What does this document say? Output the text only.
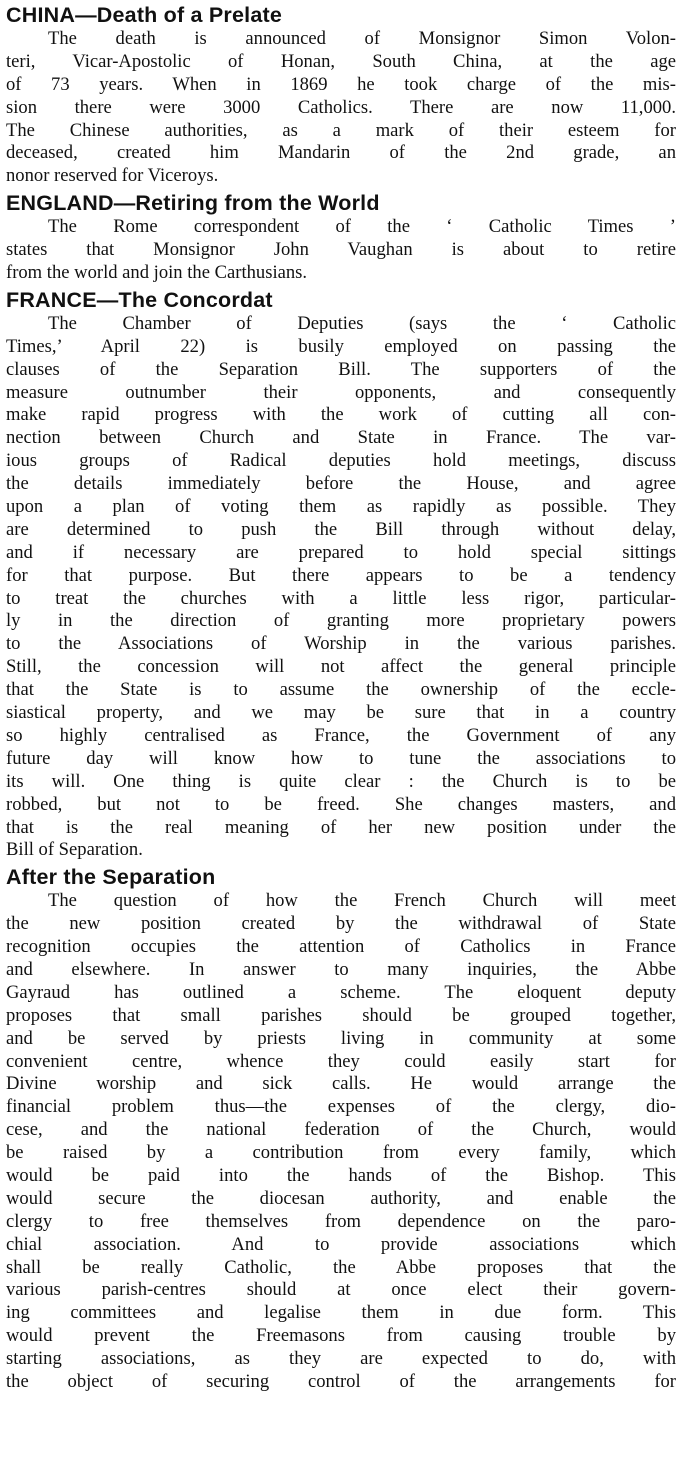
CHINA—Death of a Prelate

The death is announced of Monsignor Simon Volon-
teri, Vicar-Apostolic of Honan, South China, at the age
of 73 years. When in 1869 he took charge of the mis-
sion there were 3000 Catholics. There are now 11,000.
The Chinese authorities, as a mark of their esteem for
deceased, created him Mandarin of the 2nd grade, an
nonor reserved for Viceroys.

ENGLAND—Retiring from the World

The Rome correspondent of the ‘ Catholic Times ’
states that Monsignor John Vaughan is about to retire
from the world and join the Carthusians.

FRANCE—The Concordat

The Chamber of Deputies (says the ‘ Catholic
Times,’ April 22) is busily employed on passing the
clauses of the Separation Bill. The supporters of the
measure outnumber their opponents, and consequently
make rapid progress with the work of cutting all con-
nection between Church and State in France. The var-
ious groups of Radical deputies hold meetings, discuss
the details immediately before the House, and agree
upon a plan of voting them as rapidly as possible. They
are determined to push the Bill through without delay,
and if necessary are prepared to hold special sittings
for that purpose. But there appears to be a tendency
to treat the churches with a little less rigor, particular-
ly in the direction of granting more proprietary powers
to the Associations of Worship in the various parishes.
Still, the concession will not affect the general principle
that the State is to assume the ownership of the eccle-
siastical property, and we may be sure that in a country
so highly centralised as France, the Government of any
future day will know how to tune the associations to
its will. One thing is quite clear : the Church is to be
robbed, but not to be freed. She changes masters, and
that is the real meaning of her new position under the
Bill of Separation.

After the Separation

The question of how the French Church will meet
the new position created by the withdrawal of State
recognition occupies the attention of Catholics in France
and elsewhere. In answer to many inquiries, the Abbe
Gayraud has outlined a scheme. The eloquent deputy
proposes that small parishes should be grouped together,
and be served by priests living in community at some
convenient centre, whence they could easily start for
Divine worship and sick calls. He would arrange the
financial problem thus—the expenses of the clergy, dio-
cese, and the national federation of the Church, would
be raised by a contribution from every family, which
would be paid into the hands of the Bishop. This
would secure the diocesan authority, and enable the
clergy to free themselves from dependence on the paro-
chial association. And to provide associations which
shall be really Catholic, the Abbe proposes that the
various parish-centres should at once elect their govern-
ing committees and legalise them in due form. This
would prevent the Freemasons from causing trouble by
starting associations, as they are expected to do, with
the object of securing control of the arrangements for
